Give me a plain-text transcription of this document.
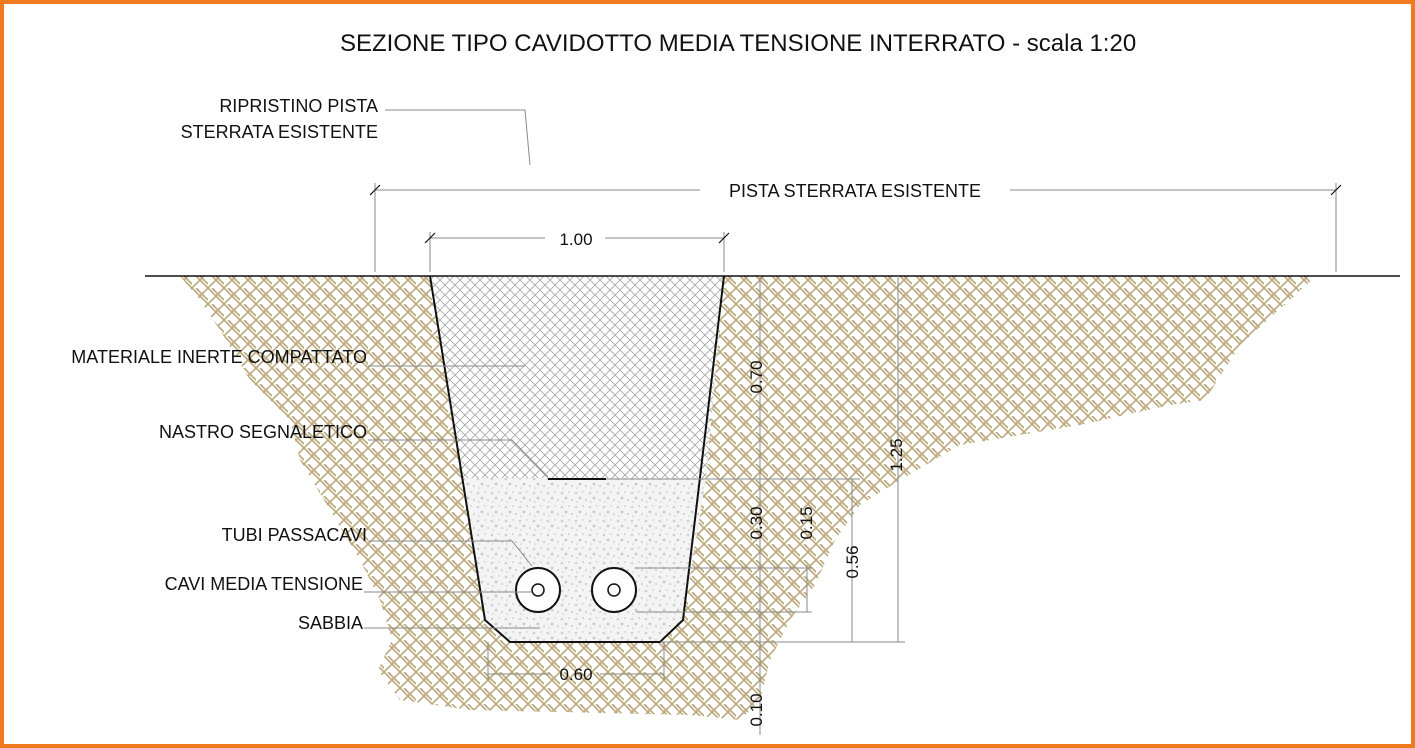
SEZIONE TIPO CAVIDOTTO MEDIA TENSIONE INTERRATO - scala 1:20
RIPRISTINO PISTA
STERRATA ESISTENTE
PISTA STERRATA ESISTENTE
1.00
MATERIALE INERTE COMPATTATO
NASTRO SEGNALETICO
TUBI PASSACAVI
CAVI MEDIA TENSIONE
SABBIA
0.60
0.70
1.25
0.30 0.15
0.56
0.10
